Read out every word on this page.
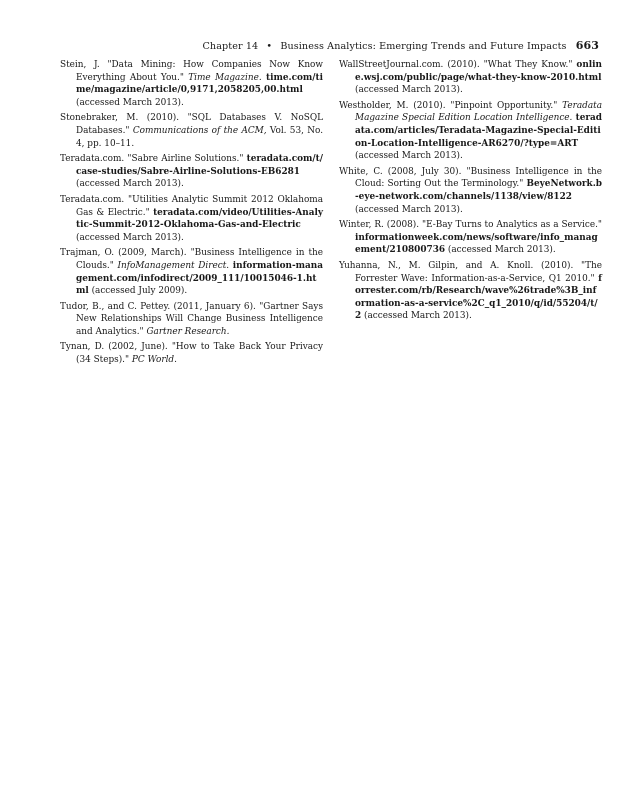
Chapter 14 • Business Analytics: Emerging Trends and Future Impacts 663

Stein, J. "Data Mining: How Companies Now Know Everything About You." Time Magazine. time.com/time/magazine/article/0,9171,2058205,00.html (accessed March 2013).

Stonebraker, M. (2010). "SQL Databases V. NoSQL Databases." Communications of the ACM, Vol. 53, No. 4, pp. 10–11.

Teradata.com. "Sabre Airline Solutions." teradata.com/t/case-studies/Sabre-Airline-Solutions-EB6281 (accessed March 2013).

Teradata.com. "Utilities Analytic Summit 2012 Oklahoma Gas & Electric." teradata.com/video/Utilities-Analytic-Summit-2012-Oklahoma-Gas-and-Electric (accessed March 2013).

Trajman, O. (2009, March). "Business Intelligence in the Clouds." InfoManagement Direct. information-management.com/infodirect/2009_111/10015046-1.html (accessed July 2009).

Tudor, B., and C. Pettey. (2011, January 6). "Gartner Says New Relationships Will Change Business Intelligence and Analytics." Gartner Research.

Tynan, D. (2002, June). "How to Take Back Your Privacy (34 Steps)." PC World.

WallStreetJournal.com. (2010). "What They Know." online.wsj.com/public/page/what-they-know-2010.html (accessed March 2013).

Westholder, M. (2010). "Pinpoint Opportunity." Teradata Magazine Special Edition Location Intelligence. teradata.com/articles/Teradata-Magazine-Special-Edition-Location-Intelligence-AR6270/?type=ART (accessed March 2013).

White, C. (2008, July 30). "Business Intelligence in the Cloud: Sorting Out the Terminology." BeyeNetwork.b-eye-network.com/channels/1138/view/8122 (accessed March 2013).

Winter, R. (2008). "E-Bay Turns to Analytics as a Service." informationweek.com/news/software/info_management/210800736 (accessed March 2013).

Yuhanna, N., M. Gilpin, and A. Knoll. (2010). "The Forrester Wave: Information-as-a-Service, Q1 2010." forrester.com/rb/Research/wave%26trade%3B_information-as-a-service%2C_q1_2010/q/id/55204/t/2 (accessed March 2013).
